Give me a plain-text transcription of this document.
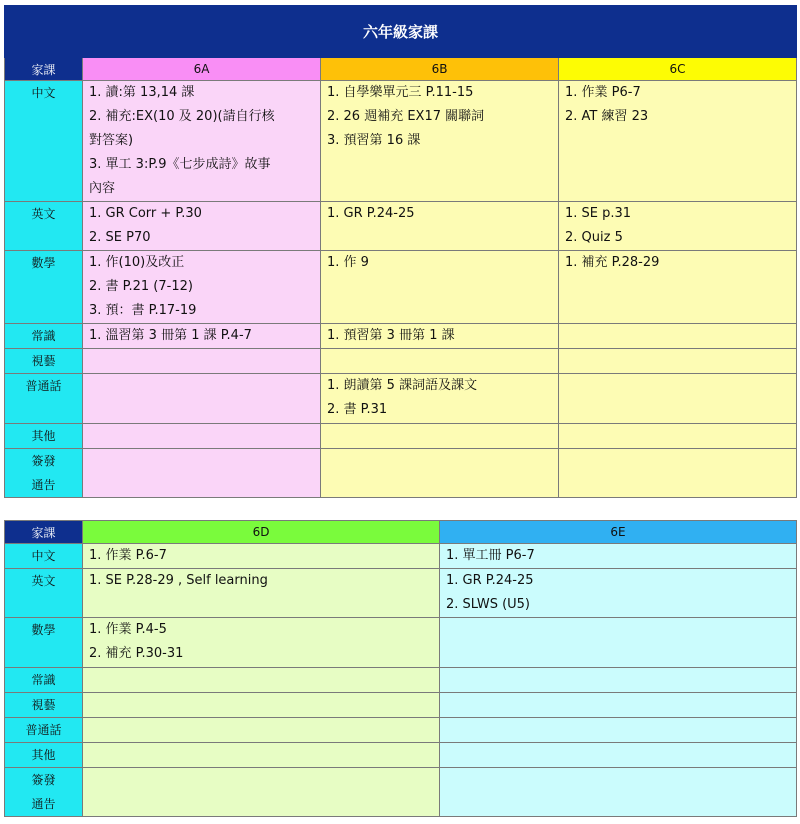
六年級家課			
家課	6A	6B	6C

中文	1. 讀:第 13,14 課
2. 補充:EX(10 及 20)(請自行核
對答案)
3. 單工 3:P.9《七步成詩》故事
內容	1. 自學樂單元三 P.11-15
2. 26 週補充 EX17 關聯詞
3. 預習第 16 課	1. 作業 P6-7
2. AT 練習 23

英文	1. GR Corr + P.30
2. SE P70	1. GR P.24-25	1. SE p.31
2. Quiz 5

數學	1. 作(10)及改正
2. 書 P.21 (7-12)
3. 預：書 P.17-19	1. 作 9	1. 補充 P.28-29

常識	1. 溫習第 3 冊第 1 課 P.4-7	1. 預習第 3 冊第 1 課	

視藝			

普通話		1. 朗讀第 5 課詞語及課文
2. 書 P.31	

其他			

簽發
通告			

家課	6D	6E

中文	1. 作業 P.6-7	1. 單工冊 P6-7

英文	1. SE P.28-29 , Self learning	1. GR P.24-25
2. SLWS (U5)

數學	1. 作業 P.4-5
2. 補充 P.30-31	

常識		

視藝		

普通話		

其他		

簽發
通告		
